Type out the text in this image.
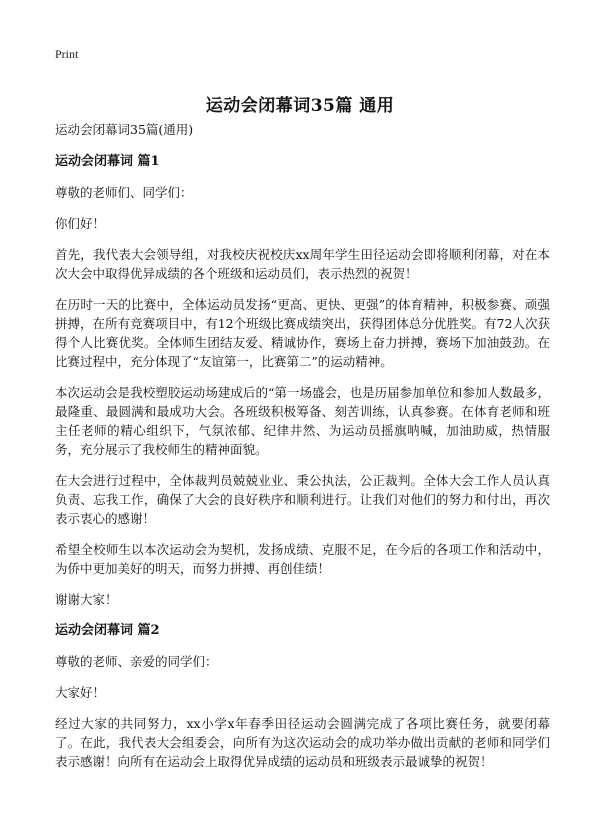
Print
运动会闭幕词35篇 通用

运动会闭幕词35篇(通用)

运动会闭幕词 篇1

尊敬的老师们、同学们：

你们好！

首先，我代表大会领导组，对我校庆祝校庆xx周年学生田径运动会即将顺利闭幕，对在本次大会中取得优异成绩的各个班级和运动员们，表示热烈的祝贺！

在历时一天的比赛中，全体运动员发扬“更高、更快、更强”的体育精神，积极参赛、顽强拼搏，在所有竞赛项目中，有12个班级比赛成绩突出，获得团体总分优胜奖。有72人次获得个人比赛优奖。全体师生团结友爱、精诚协作，赛场上奋力拼搏，赛场下加油鼓劲。在比赛过程中，充分体现了“友谊第一，比赛第二”的运动精神。

本次运动会是我校塑胶运动场建成后的“第一场盛会，也是历届参加单位和参加人数最多，最隆重、最圆满和最成功大会。各班级积极筹备、刻苦训练，认真参赛。在体育老师和班主任老师的精心组织下，气氛浓郁、纪律井然、为运动员摇旗呐喊，加油助威，热情服务，充分展示了我校师生的精神面貌。

在大会进行过程中，全体裁判员兢兢业业、秉公执法，公正裁判。全体大会工作人员认真负责、忘我工作，确保了大会的良好秩序和顺利进行。让我们对他们的努力和付出，再次表示衷心的感谢！

希望全校师生以本次运动会为契机，发扬成绩、克服不足，在今后的各项工作和活动中，为侨中更加美好的明天，而努力拼搏、再创佳绩！

谢谢大家！

运动会闭幕词 篇2

尊敬的老师、亲爱的同学们：

大家好！

经过大家的共同努力，xx小学x年春季田径运动会圆满完成了各项比赛任务，就要闭幕了。在此，我代表大会组委会，向所有为这次运动会的成功举办做出贡献的老师和同学们表示感谢！向所有在运动会上取得优异成绩的运动员和班级表示最诚挚的祝贺！
